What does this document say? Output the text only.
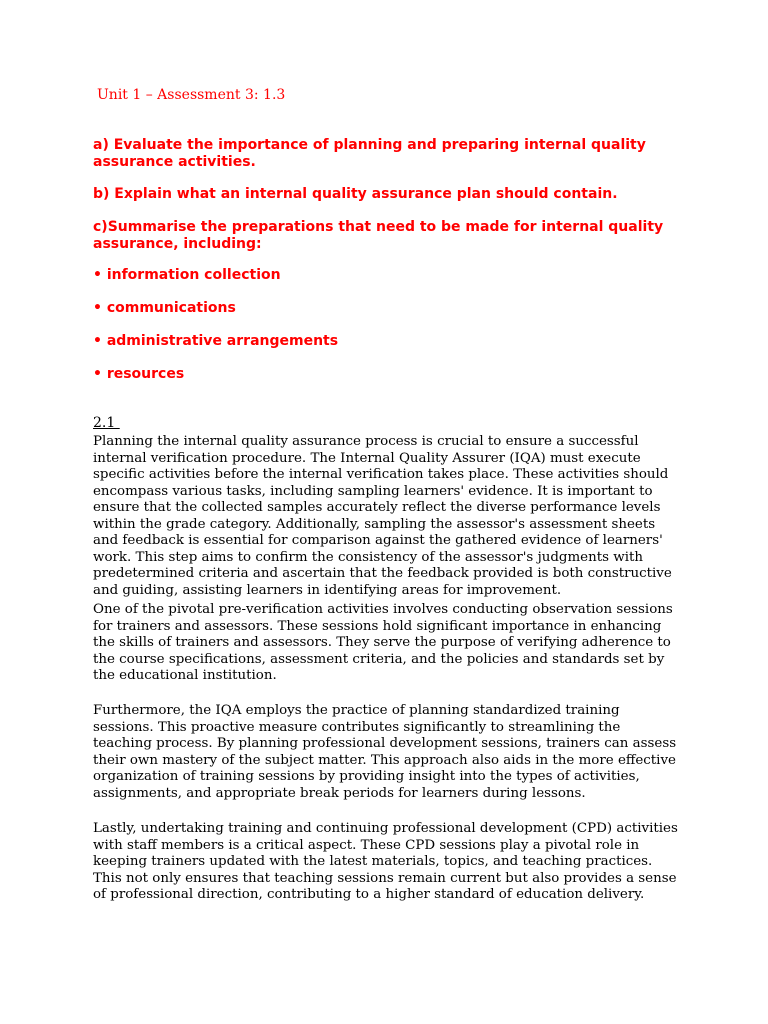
Unit 1 – Assessment 3: 1.3
a) Evaluate the importance of planning and preparing internal quality assurance activities.
b) Explain what an internal quality assurance plan should contain.
c)Summarise the preparations that need to be made for internal quality assurance, including:
• information collection
• communications
• administrative arrangements
• resources
2.1
Planning the internal quality assurance process is crucial to ensure a successful internal verification procedure. The Internal Quality Assurer (IQA) must execute specific activities before the internal verification takes place. These activities should encompass various tasks, including sampling learners' evidence. It is important to ensure that the collected samples accurately reflect the diverse performance levels within the grade category. Additionally, sampling the assessor's assessment sheets and feedback is essential for comparison against the gathered evidence of learners' work. This step aims to confirm the consistency of the assessor's judgments with predetermined criteria and ascertain that the feedback provided is both constructive and guiding, assisting learners in identifying areas for improvement.
One of the pivotal pre-verification activities involves conducting observation sessions for trainers and assessors. These sessions hold significant importance in enhancing the skills of trainers and assessors. They serve the purpose of verifying adherence to the course specifications, assessment criteria, and the policies and standards set by the educational institution.
Furthermore, the IQA employs the practice of planning standardized training sessions. This proactive measure contributes significantly to streamlining the teaching process. By planning professional development sessions, trainers can assess their own mastery of the subject matter. This approach also aids in the more effective organization of training sessions by providing insight into the types of activities, assignments, and appropriate break periods for learners during lessons.
Lastly, undertaking training and continuing professional development (CPD) activities with staff members is a critical aspect. These CPD sessions play a pivotal role in keeping trainers updated with the latest materials, topics, and teaching practices. This not only ensures that teaching sessions remain current but also provides a sense of professional direction, contributing to a higher standard of education delivery.
